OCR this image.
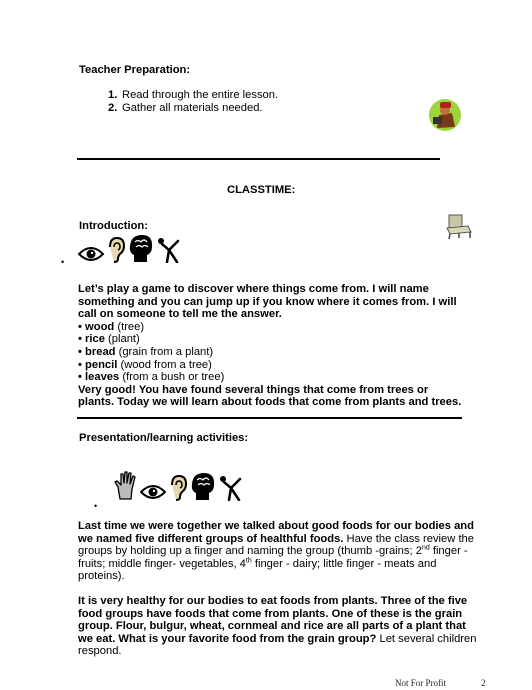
Teacher Preparation:
1. Read through the entire lesson.
2. Gather all materials needed.
CLASSTIME:
Introduction:
•

Let’s play a game to discover where things come from. I will name something and you can jump up if you know where it comes from. I will call on someone to tell me the answer.

• wood (tree)
• rice (plant)
• bread (grain from a plant)
• pencil (wood from a tree)
• leaves (from a bush or tree)

Very good! You have found several things that come from trees or plants. Today we will learn about foods that come from plants and trees.

Presentation/learning activities:
•

Last time we were together we talked about good foods for our bodies and we named five different groups of healthful foods. Have the class review the groups by holding up a finger and naming the group (thumb -grains; 2nd finger - fruits; middle finger- vegetables, 4th finger - dairy; little finger - meats and proteins).

It is very healthy for our bodies to eat foods from plants. Three of the five food groups have foods that come from plants. One of these is the grain group. Flour, bulgur, wheat, cornmeal and rice are all parts of a plant that we eat. What is your favorite food from the grain group? Let several children respond.

Not For Profit	2
